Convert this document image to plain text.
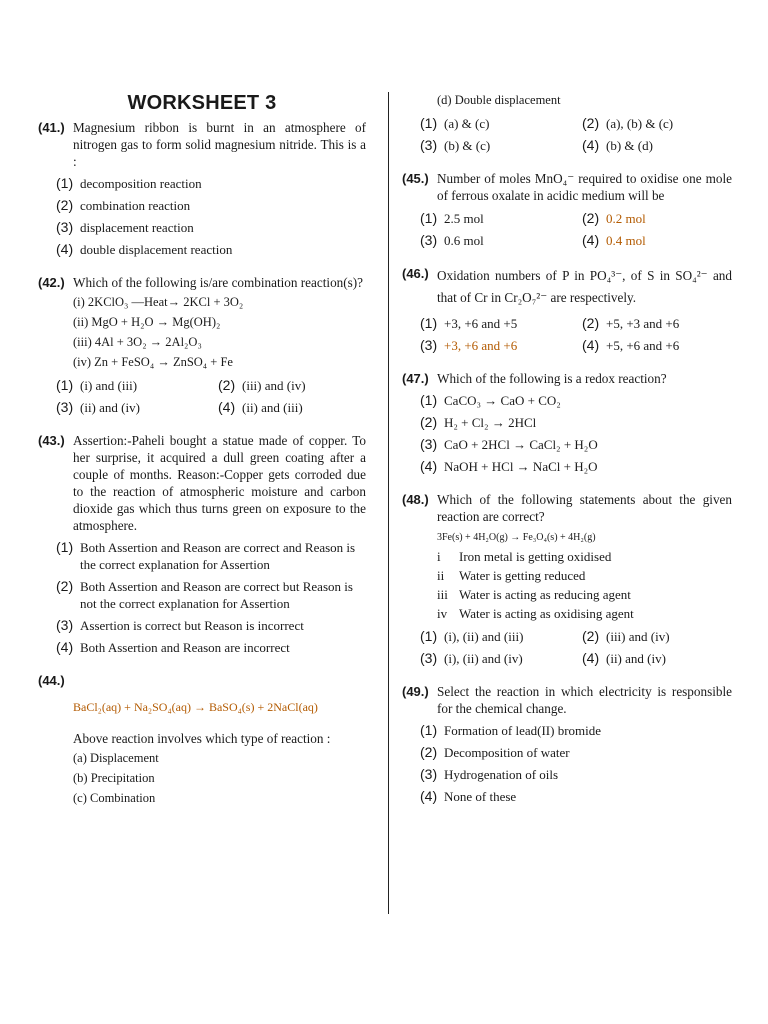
WORKSHEET 3
(41.) Magnesium ribbon is burnt in an atmosphere of nitrogen gas to form solid magnesium nitride. This is a :
(1) decomposition reaction
(2) combination reaction
(3) displacement reaction
(4) double displacement reaction
(42.) Which of the following is/are combination reaction(s)?
(i) 2KClO₃ —Heat→ 2KCl + 3O₂
(ii) MgO + H₂O → Mg(OH)₂
(iii) 4Al + 3O₂ → 2Al₂O₃
(iv) Zn + FeSO₄ → ZnSO₄ + Fe
(1) (i) and (iii)	(2) (iii) and (iv)
(3) (ii) and (iv)	(4) (ii) and (iii)
(43.) Assertion:-Paheli bought a statue made of copper. To her surprise, it acquired a dull green coating after a couple of months. Reason:-Copper gets corroded due to the reaction of atmospheric moisture and carbon dioxide gas which thus turns green on exposure to the atmosphere.
(1) Both Assertion and Reason are correct and Reason is the correct explanation for Assertion
(2) Both Assertion and Reason are correct but Reason is not the correct explanation for Assertion
(3) Assertion is correct but Reason is incorrect
(4) Both Assertion and Reason are incorrect
(44.)
BaCl₂(aq) + Na₂SO₄(aq) → BaSO₄(s) + 2NaCl(aq)
Above reaction involves which type of reaction :
(a) Displacement
(b) Precipitation
(c) Combination
(d) Double displacement
(1) (a) & (c)	(2) (a), (b) & (c)
(3) (b) & (c)	(4) (b) & (d)
(45.) Number of moles MnO₄⁻ required to oxidise one mole of ferrous oxalate in acidic medium will be
(1) 2.5 mol	(2) 0.2 mol
(3) 0.6 mol	(4) 0.4 mol
(46.) Oxidation numbers of P in PO₄³⁻, of S in SO₄²⁻ and that of Cr in Cr₂O₇²⁻ are respectively.
(1) +3, +6 and +5	(2) +5, +3 and +6
(3) +3, +6 and +6	(4) +5, +6 and +6
(47.) Which of the following is a redox reaction?
(1) CaCO₃ → CaO + CO₂
(2) H₂ + Cl₂ → 2HCl
(3) CaO + 2HCl → CaCl₂ + H₂O
(4) NaOH + HCl → NaCl + H₂O
(48.) Which of the following statements about the given reaction are correct?
3Fe(s) + 4H₂O(g) → Fe₃O₄(s) + 4H₂(g)
i	Iron metal is getting oxidised
ii	Water is getting reduced
iii Water is acting as reducing agent
iv Water is acting as oxidising agent
(1) (i), (ii) and (iii)	(2) (iii) and (iv)
(3) (i), (ii) and (iv)	(4) (ii) and (iv)
(49.) Select the reaction in which electricity is responsible for the chemical change.
(1) Formation of lead(II) bromide
(2) Decomposition of water
(3) Hydrogenation of oils
(4) None of these
